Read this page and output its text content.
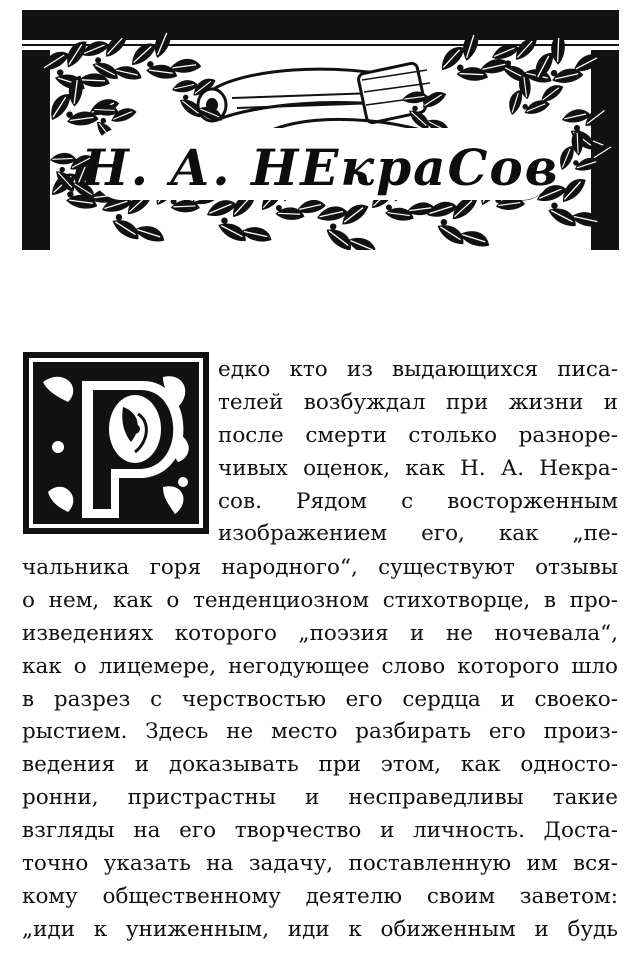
Н. А. НЕкраСов
едко кто из выдающихся писа-
телей возбуждал при жизни и
после смерти столько разноре-
чивых оценок, как Н. А. Некра-
сов. Рядом с восторженным
изображением его, как „пе-
чальника горя народного“, существуют отзывы
о нем, как о тенденциозном стихотворце, в про-
изведениях которого „поэзия и не ночевала“,
как о лицемере, негодующее слово которого шло
в разрез с черствостью его сердца и своеко-
рыстием. Здесь не место разбирать его произ-
ведения и доказывать при этом, как односто-
ронни, пристрастны и несправедливы такие
взгляды на его творчество и личность. Доста-
точно указать на задачу, поставленную им вся-
кому общественному деятелю своим заветом:
„иди к униженным, иди к обиженным и будь
